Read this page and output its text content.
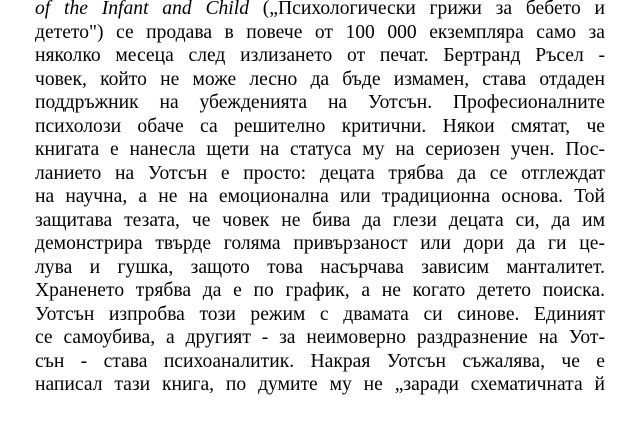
of the Infant and Child („Психологически грижи за бебето и
детето") се продава в повече от 100 000 екземпляра само за
няколко месеца след излизането от печат. Бертранд Ръсел -
човек, който не може лесно да бъде измамен, става отдаден
поддръжник на убежденията на Уотсън. Професионалните
психолози обаче са решително критични. Някои смятат, че
книгата е нанесла щети на статуса му на сериозен учен. Пос-
ланието на Уотсън е просто: децата трябва да се отглеждат
на научна, а не на емоционална или традиционна основа. Той
защитава тезата, че човек не бива да глези децата си, да им
демонстрира твърде голяма привързаност или дори да ги це-
лува и гушка, защото това насърчава зависим манталитет.
Храненето трябва да е по график, а не когато детето поиска.
Уотсън изпробва този режим с двамата си синове. Единият
се самоубива, а другият - за неимоверно раздразнение на Уот-
сън - става психоаналитик. Накрая Уотсън съжалява, че е
написал тази книга, по думите му не „заради схематичната й
